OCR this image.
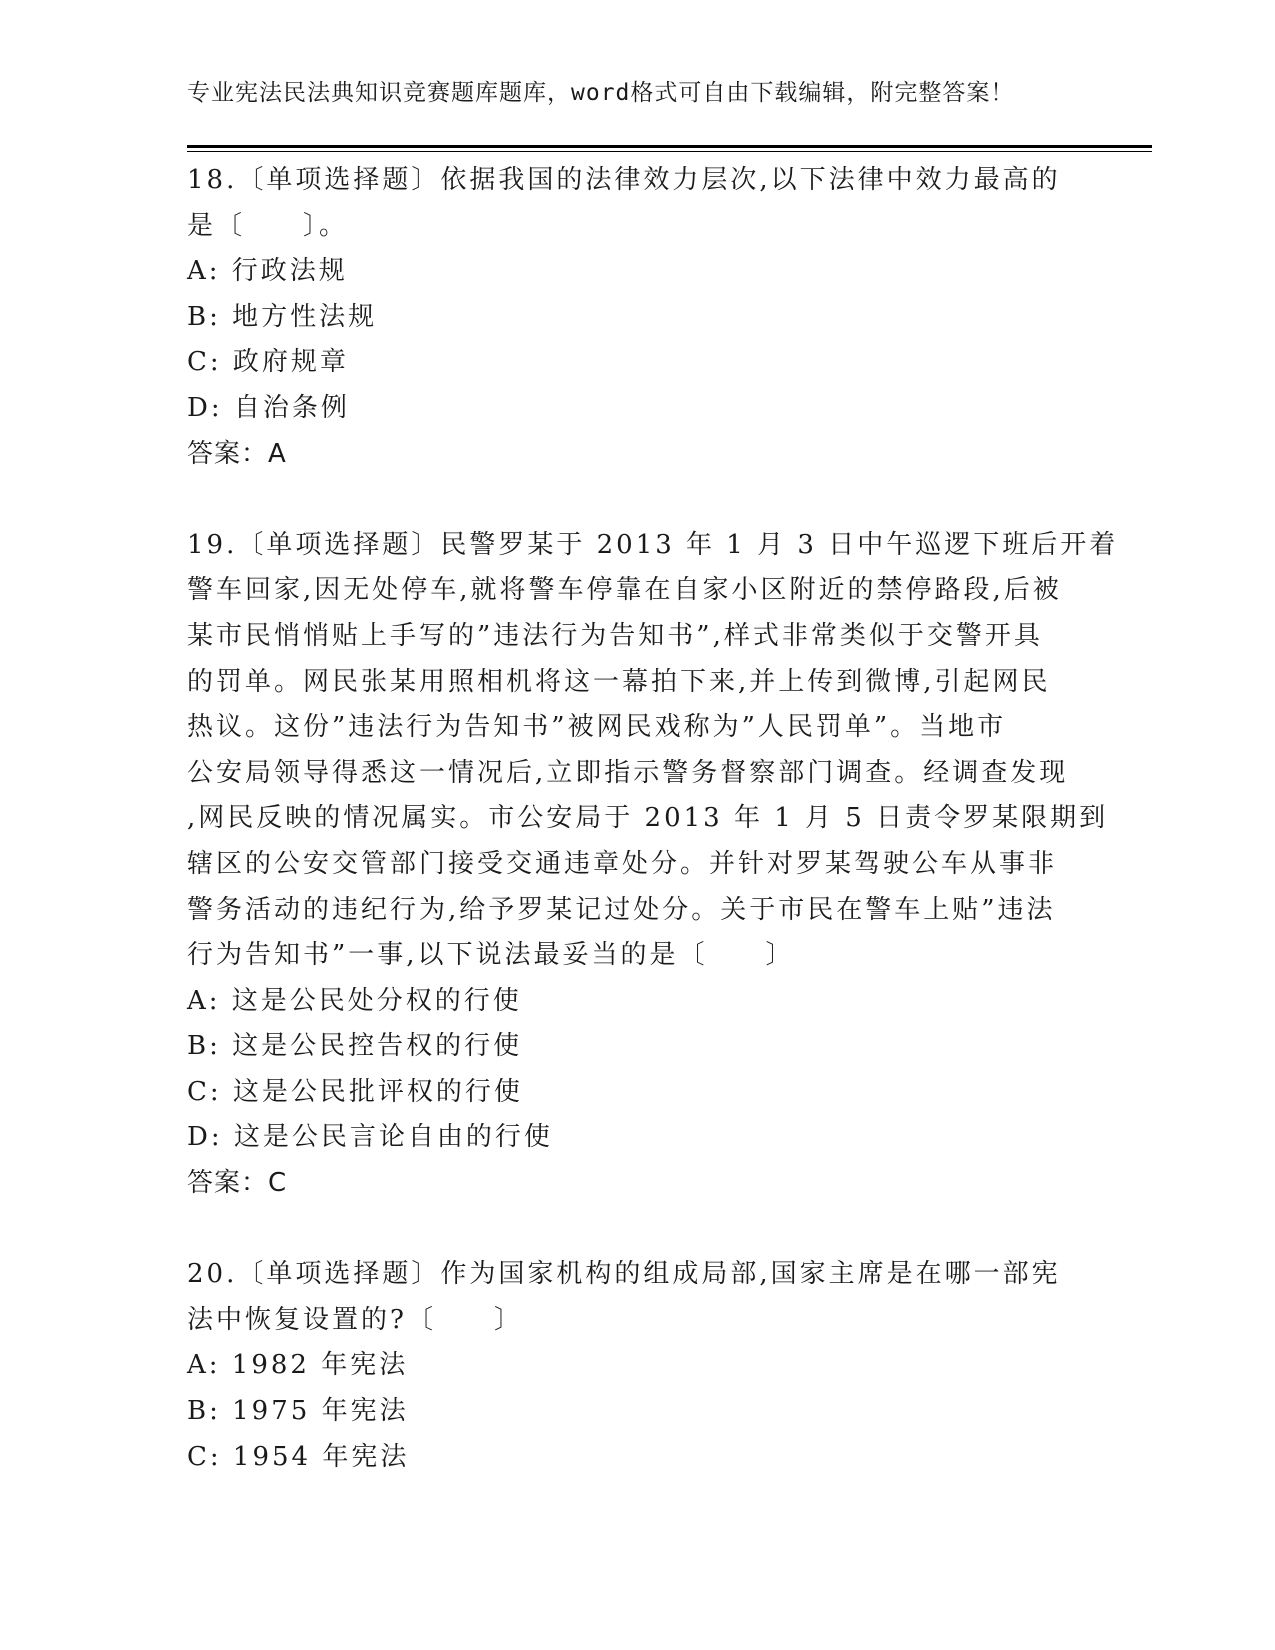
专业宪法民法典知识竞赛题库题库，word格式可自由下载编辑，附完整答案！
18.〔单项选择题〕依据我国的法律效力层次,以下法律中效力最高的
是〔　　〕。
A: 行政法规
B: 地方性法规
C: 政府规章
D: 自治条例
答案：A
19.〔单项选择题〕民警罗某于 2013 年 1 月 3 日中午巡逻下班后开着
警车回家,因无处停车,就将警车停靠在自家小区附近的禁停路段,后被
某市民悄悄贴上手写的”违法行为告知书”,样式非常类似于交警开具
的罚单。网民张某用照相机将这一幕拍下来,并上传到微博,引起网民
热议。这份”违法行为告知书”被网民戏称为”人民罚单”。当地市
公安局领导得悉这一情况后,立即指示警务督察部门调查。经调查发现
,网民反映的情况属实。市公安局于 2013 年 1 月 5 日责令罗某限期到
辖区的公安交管部门接受交通违章处分。并针对罗某驾驶公车从事非
警务活动的违纪行为,给予罗某记过处分。关于市民在警车上贴”违法
行为告知书”一事,以下说法最妥当的是〔　　〕
A: 这是公民处分权的行使
B: 这是公民控告权的行使
C: 这是公民批评权的行使
D: 这是公民言论自由的行使
答案：C
20.〔单项选择题〕作为国家机构的组成局部,国家主席是在哪一部宪
法中恢复设置的?〔　　〕
A: 1982 年宪法
B: 1975 年宪法
C: 1954 年宪法
